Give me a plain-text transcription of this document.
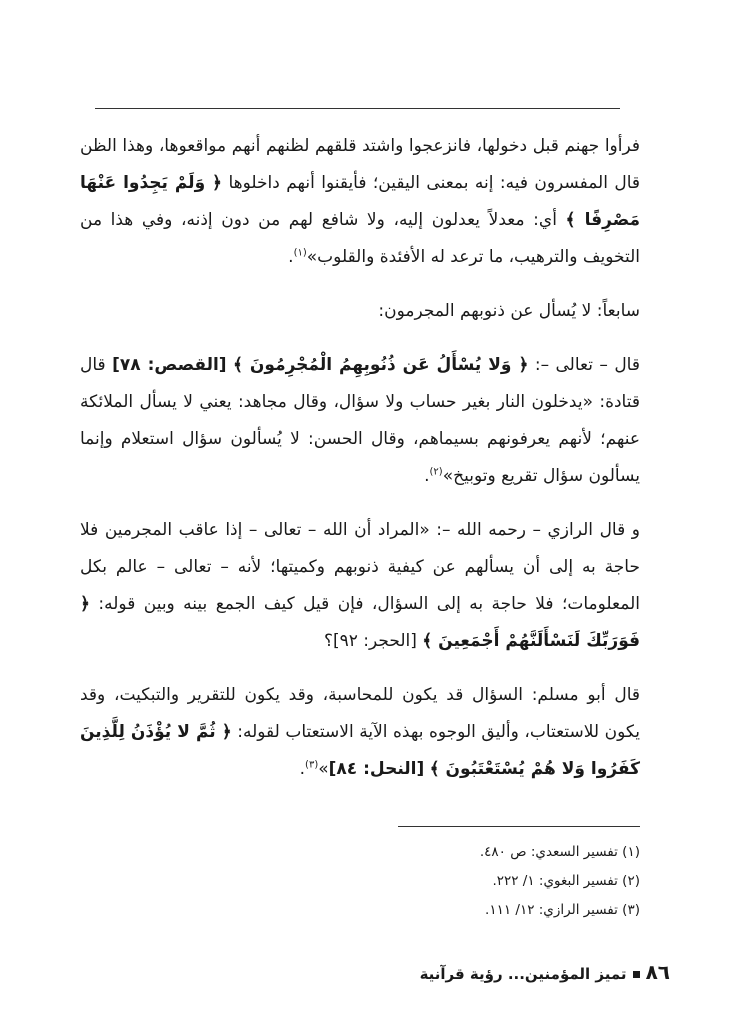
فرأوا جهنم قبل دخولها، فانزعجوا واشتد قلقهم لظنهم أنهم مواقعوها، وهذا الظن قال المفسرون فيه: إنه بمعنى اليقين؛ فأيقنوا أنهم داخلوها ﴿ وَلَمْ يَجِدُوا عَنْهَا مَصْرِفًا ﴾ أي: معدلاً يعدلون إليه، ولا شافع لهم من دون إذنه، وفي هذا من التخويف والترهيب، ما ترعد له الأفئدة والقلوب»$^{(١)}$.

سابعاً: لا يُسأل عن ذنوبهم المجرمون:

قال – تعالى –: ﴿ وَلا يُسْأَلُ عَن ذُنُوبِهِمُ الْمُجْرِمُونَ ﴾ [القصص: ٧٨] قال قتادة: «يدخلون النار بغير حساب ولا سؤال، وقال مجاهد: يعني لا يسأل الملائكة عنهم؛ لأنهم يعرفونهم بسيماهم، وقال الحسن: لا يُسألون سؤال استعلام وإنما يسألون سؤال تقريع وتوبيخ»$^{(٢)}$.

و قال الرازي – رحمه الله –: «المراد أن الله – تعالى – إذا عاقب المجرمين فلا حاجة به إلى أن يسألهم عن كيفية ذنوبهم وكميتها؛ لأنه – تعالى – عالم بكل المعلومات؛ فلا حاجة به إلى السؤال، فإن قيل كيف الجمع بينه وبين قوله: ﴿ فَوَرَبِّكَ لَنَسْأَلَنَّهُمْ أَجْمَعِينَ ﴾ [الحجر: ٩٢]؟

قال أبو مسلم: السؤال قد يكون للمحاسبة، وقد يكون للتقرير والتبكيت، وقد يكون للاستعتاب، وأليق الوجوه بهذه الآية الاستعتاب لقوله: ﴿ ثُمَّ لا يُؤْذَنُ لِلَّذِينَ كَفَرُوا وَلا هُمْ يُسْتَعْتَبُونَ ﴾ [النحل: ٨٤]»$^{(٣)}$.

(١) تفسير السعدي: ص ٤٨٠.

(٢) تفسير البغوي: ١/ ٢٢٢.

(٣) تفسير الرازي: ١٢/ ١١١.

٨٦تميز المؤمنين... رؤية قرآنية
